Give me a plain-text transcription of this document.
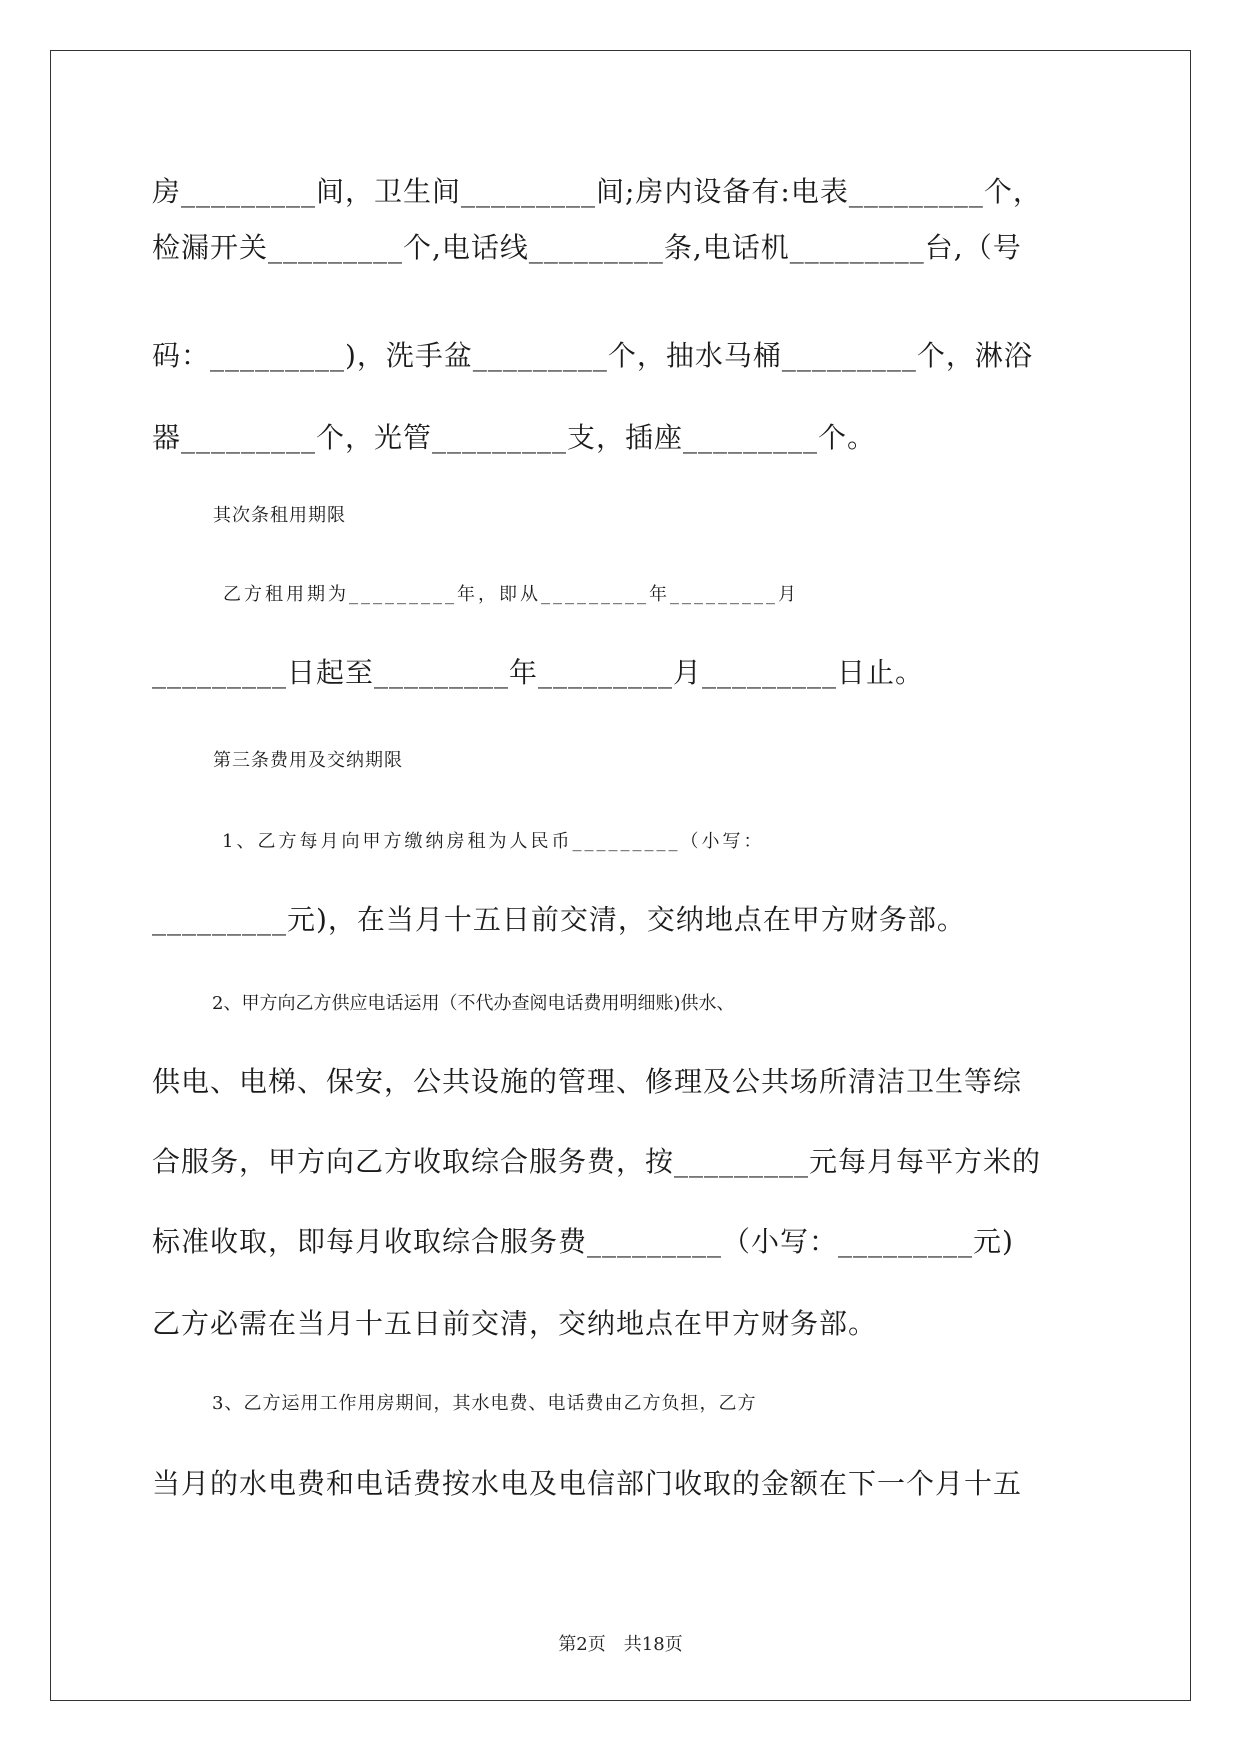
房_________间，卫生间_________间;房内设备有:电表_________个，
检漏开关_________个,电话线_________条,电话机_________台,（号
码：_________)，洗手盆_________个，抽水马桶_________个，淋浴
器_________个，光管_________支，插座_________个。
其次条租用期限
乙方租用期为_________年，即从_________年_________月
_________日起至_________年_________月_________日止。
第三条费用及交纳期限
1、乙方每月向甲方缴纳房租为人民币_________（小写：
_________元)，在当月十五日前交清，交纳地点在甲方财务部。
2、甲方向乙方供应电话运用（不代办查阅电话费用明细账)供水、
供电、电梯、保安，公共设施的管理、修理及公共场所清洁卫生等综
合服务，甲方向乙方收取综合服务费，按_________元每月每平方米的
标准收取，即每月收取综合服务费_________（小写：_________元)
乙方必需在当月十五日前交清，交纳地点在甲方财务部。
3、乙方运用工作用房期间，其水电费、电话费由乙方负担，乙方
当月的水电费和电话费按水电及电信部门收取的金额在下一个月十五
第2页　共18页
